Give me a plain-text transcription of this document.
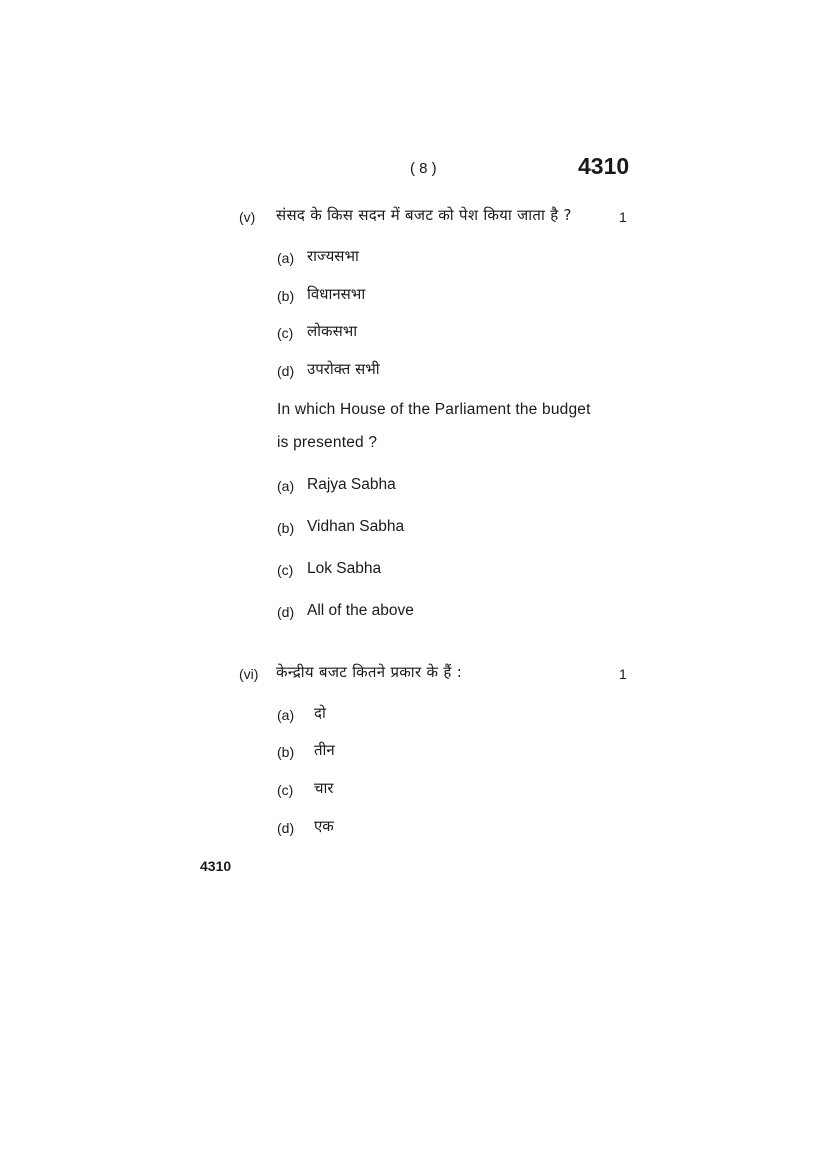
( 8 )	4310
(v) संसद के किस सदन में बजट को पेश किया जाता है ?	1
(a) राज्यसभा
(b) विधानसभा
(c) लोकसभा
(d) उपरोक्त सभी
In which House of the Parliament the budget
is presented ?
(a) Rajya Sabha
(b) Vidhan Sabha
(c) Lok Sabha
(d) All of the above
(vi) केन्द्रीय बजट कितने प्रकार के हैं :	1
(a) दो
(b) तीन
(c) चार
(d) एक
4310
